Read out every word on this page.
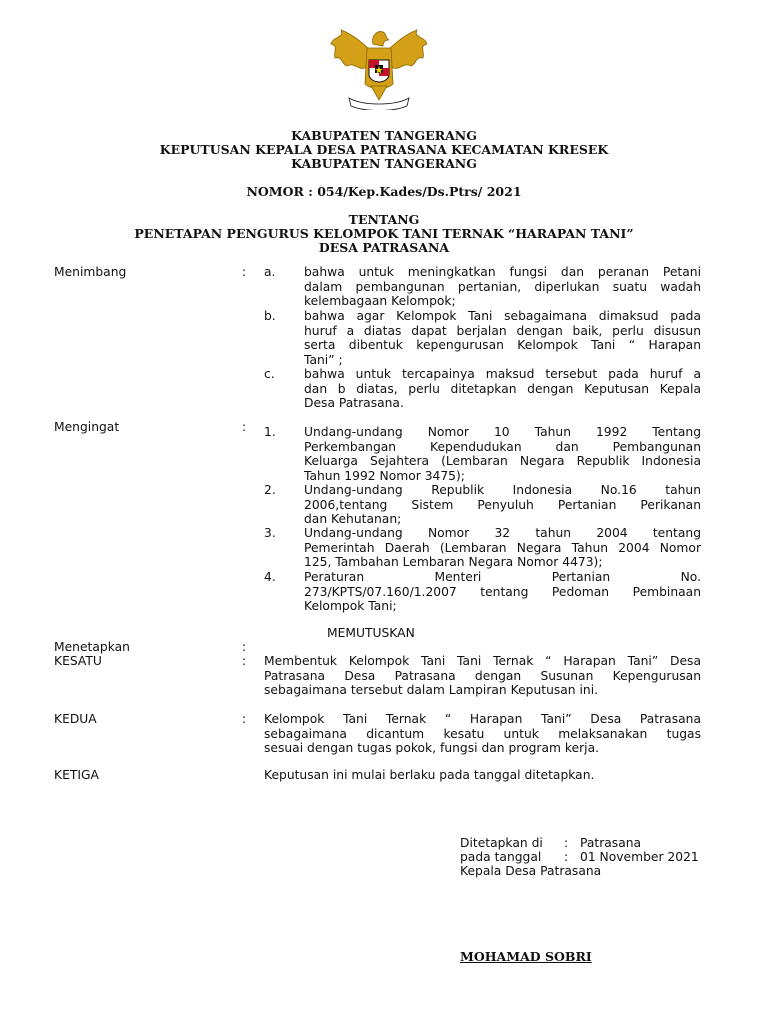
KABUPATEN TANGERANG
KEPUTUSAN KEPALA DESA PATRASANA KECAMATAN KRESEK
KABUPATEN TANGERANG
NOMOR : 054/Kep.Kades/Ds.Ptrs/ 2021
TENTANG
PENETAPAN PENGURUS KELOMPOK TANI TERNAK “HARAPAN TANI”
DESA PATRASANA
Menimbang	: a. bahwa untuk meningkatkan fungsi dan peranan Petani
dalam pembangunan pertanian, diperlukan suatu wadah
kelembagaan Kelompok;
b. bahwa agar Kelompok Tani sebagaimana dimaksud pada
huruf a diatas dapat berjalan dengan baik, perlu disusun
serta dibentuk kepengurusan Kelompok Tani “ Harapan
Tani” ;
c. bahwa untuk tercapainya maksud tersebut pada huruf a
dan b diatas, perlu ditetapkan dengan Keputusan Kepala
Desa Patrasana.
Mengingat	: 1. Undang-undang Nomor 10 Tahun 1992 Tentang
Perkembangan Kependudukan dan Pembangunan
Keluarga Sejahtera (Lembaran Negara Republik Indonesia
Tahun 1992 Nomor 3475);
2. Undang-undang Republik Indonesia No.16 tahun
2006,tentang Sistem Penyuluh Pertanian Perikanan
dan Kehutanan;
3. Undang-undang Nomor 32 tahun 2004 tentang
Pemerintah Daerah (Lembaran Negara Tahun 2004 Nomor
125, Tambahan Lembaran Negara Nomor 4473);
4. Peraturan Menteri Pertanian No.
273/KPTS/07.160/1.2007 tentang Pedoman Pembinaan
Kelompok Tani;
MEMUTUSKAN
Menetapkan	:
KESATU	: Membentuk Kelompok Tani Tani Ternak “ Harapan Tani” Desa
Patrasana Desa Patrasana dengan Susunan Kepengurusan
sebagaimana tersebut dalam Lampiran Keputusan ini.
KEDUA	: Kelompok Tani Ternak “ Harapan Tani” Desa Patrasana
sebagaimana dicantum kesatu untuk melaksanakan tugas
sesuai dengan tugas pokok, fungsi dan program kerja.
KETIGA	Keputusan ini mulai berlaku pada tanggal ditetapkan.
Ditetapkan di : Patrasana
pada tanggal : 01 November 2021
Kepala Desa Patrasana
MOHAMAD SOBRI
